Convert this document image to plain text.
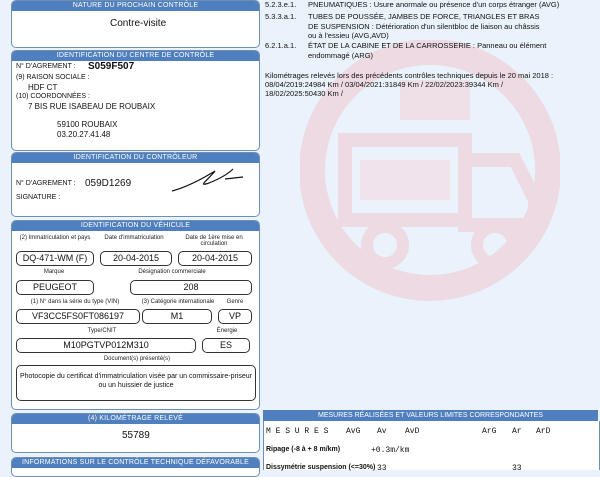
NATURE DU PROCHAIN CONTRÔLE
Contre-visite
IDENTIFICATION DU CENTRE DE CONTRÔLE
N° D'AGREMENT : S059F507
(9) RAISON SOCIALE :
HDF CT
(10) COORDONNÉES :
7 BIS RUE ISABEAU DE ROUBAIX
59100 ROUBAIX
03.20.27.41.48
IDENTIFICATION DU CONTRÔLEUR
N° D'AGREMENT : 059D1269
SIGNATURE :
IDENTIFICATION DU VÉHICULE
(2) Immatriculation et pays	Date d'immatriculation	Date de 1ère mise en circulation
DQ-471-WM (F)	20-04-2015	20-04-2015
Marque	Désignation commerciale
PEUGEOT	208
(1) N° dans la série du type (VIN)	(3) Catégorie internationale	Genre
VF3CC5FS0FT086197	M1	VP
Type/CNIT	Énergie
M10PGTVP012M310	ES
Document(s) présenté(s)
Photocopie du certificat d'immatriculation visée par un commissaire-priseur ou un huissier de justice
(4) KILOMÉTRAGE RELEVÉ
55789
INFORMATIONS SUR LE CONTRÔLE TECHNIQUE DÉFAVORABLE
5.2.3.e.1.	PNEUMATIQUES : Usure anormale ou présence d'un corps étranger (AVG)
5.3.3.a.1.	TUBES DE POUSSÉE, JAMBES DE FORCE, TRIANGLES ET BRAS DE SUSPENSION : Détérioration d'un silentbloc de liaison au châssis ou à l'essieu (AVG,AVD)
6.2.1.a.1.	ÉTAT DE LA CABINE ET DE LA CARROSSERIE : Panneau ou élément endommagé (ARG)
Kilométrages relevés lors des précédents contrôles techniques depuis le 20 mai 2018 :
08/04/2019:24984 Km / 03/04/2021:31849 Km / 22/02/2023:39344 Km /
18/02/2025:50430 Km /
MESURES RÉALISÉES ET VALEURS LIMITES CORRESPONDANTES
M E S U R E S AvG Av AvD	ArG Ar ArD
Ripage (-8 à + 8 m/km)	+0.3m/km
Dissymétrie suspension (<=30%) 33	33
